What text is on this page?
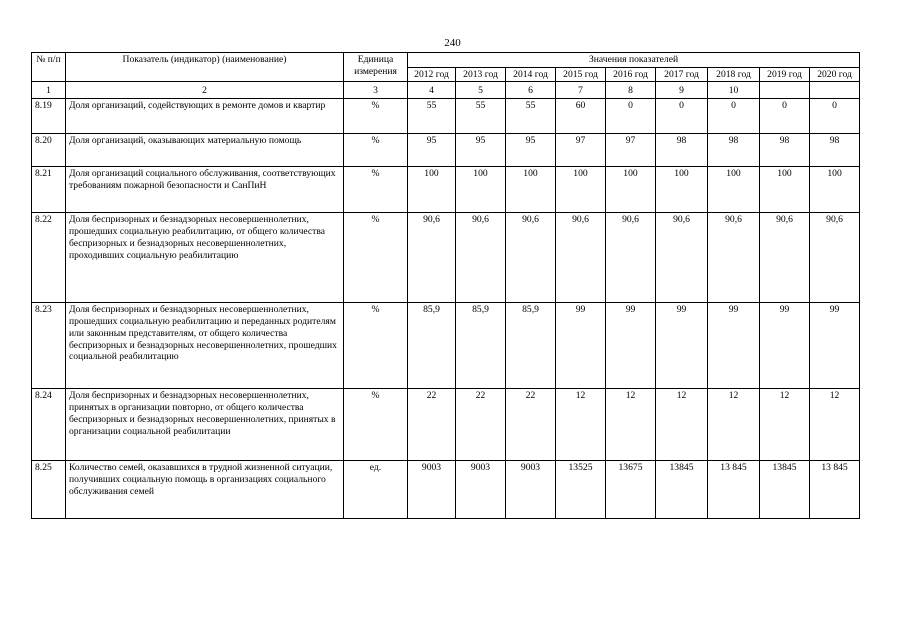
240
№ п/п	Показатель (индикатор) (наименование)	Единица измерения	Значения показателей								
			2012 год	2013 год	2014 год	2015 год	2016 год	2017 год	2018 год	2019 год	2020 год
1	2	3	4	5	6	7	8	9	10		
8.19	Доля организаций, содействующих в ремонте домов и квартир	%	55	55	55	60	0	0	0	0	0
8.20	Доля организаций, оказывающих материальную помощь	%	95	95	95	97	97	98	98	98	98
8.21	Доля организаций социального обслуживания, соответствующих требованиям пожарной безопасности и СанПиН	%	100	100	100	100	100	100	100	100	100
8.22	Доля беспризорных и безнадзорных несовершеннолетних, прошедших социальную реабилитацию, от общего количества беспризорных и безнадзорных несовершеннолетних, проходивших социальную реабилитацию	%	90,6	90,6	90,6	90,6	90,6	90,6	90,6	90,6	90,6
8.23	Доля беспризорных и безнадзорных несовершеннолетних, прошедших социальную реабилитацию и переданных родителям или законным представителям, от общего количества беспризорных и безнадзорных несовершеннолетних, прошедших социальной реабилитацию	%	85,9	85,9	85,9	99	99	99	99	99	99
8.24	Доля беспризорных и безнадзорных несовершеннолетних, принятых в организации повторно, от общего количества беспризорных и безнадзорных несовершеннолетних, принятых в организации социальной реабилитации	%	22	22	22	12	12	12	12	12	12
8.25	Количество семей, оказавшихся в трудной жизненной ситуации, получивших социальную помощь в организациях социального обслуживания семей	ед.	9003	9003	9003	13525	13675	13845	13 845	13845	13 845
